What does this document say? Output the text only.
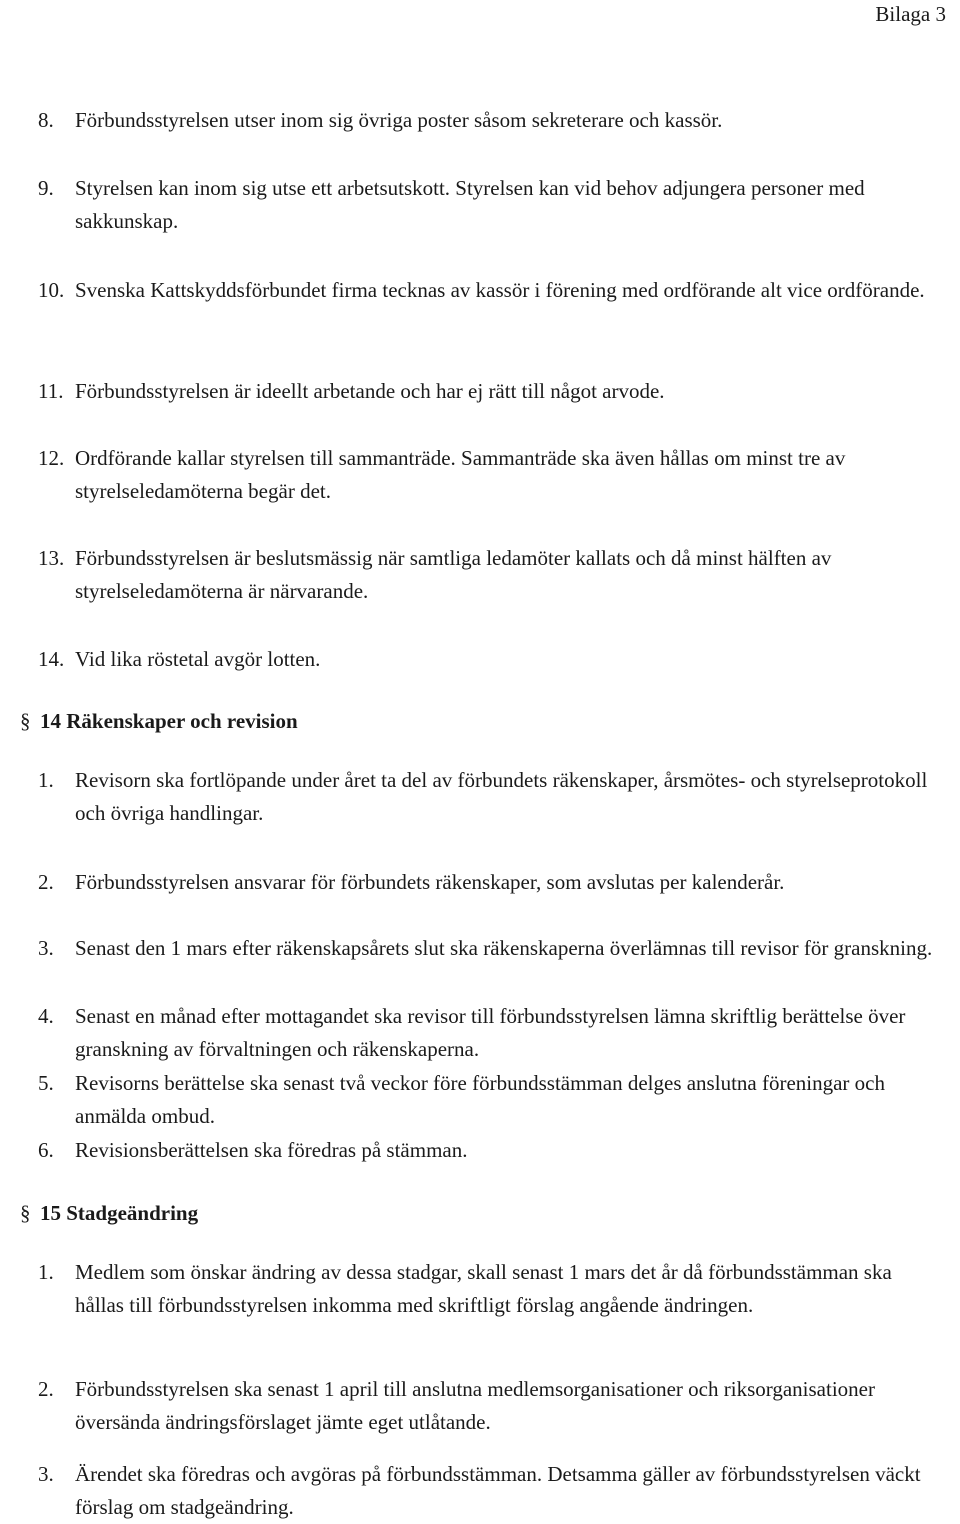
Bilaga 3
8. Förbundsstyrelsen utser inom sig övriga poster såsom sekreterare och kassör.
9. Styrelsen kan inom sig utse ett arbetsutskott. Styrelsen kan vid behov adjungera personer med sakkunskap.
10. Svenska Kattskyddsförbundet firma tecknas av kassör i förening med ordförande alt vice ordförande.
11. Förbundsstyrelsen är ideellt arbetande och har ej rätt till något arvode.
12. Ordförande kallar styrelsen till sammanträde. Sammanträde ska även hållas om minst tre av styrelseledamöterna begär det.
13. Förbundsstyrelsen är beslutsmässig när samtliga ledamöter kallats och då minst hälften av styrelseledamöterna är närvarande.
14. Vid lika röstetal avgör lotten.
§ 14 Räkenskaper och revision
1. Revisorn ska fortlöpande under året ta del av förbundets räkenskaper, årsmötes- och styrelseprotokoll och övriga handlingar.
2. Förbundsstyrelsen ansvarar för förbundets räkenskaper, som avslutas per kalenderår.
3. Senast den 1 mars efter räkenskapsårets slut ska räkenskaperna överlämnas till revisor för granskning.
4. Senast en månad efter mottagandet ska revisor till förbundsstyrelsen lämna skriftlig berättelse över granskning av förvaltningen och räkenskaperna.
5. Revisorns berättelse ska senast två veckor före förbundsstämman delges anslutna föreningar och anmälda ombud.
6. Revisionsberättelsen ska föredras på stämman.
§ 15 Stadgeändring
1. Medlem som önskar ändring av dessa stadgar, skall senast 1 mars det år då förbundsstämman ska hållas till förbundsstyrelsen inkomma med skriftligt förslag angående ändringen.
2. Förbundsstyrelsen ska senast 1 april till anslutna medlemsorganisationer och riksorganisationer översända ändringsförslaget jämte eget utlåtande.
3. Ärendet ska föredras och avgöras på förbundsstämman. Detsamma gäller av förbundsstyrelsen väckt förslag om stadgeändring.
